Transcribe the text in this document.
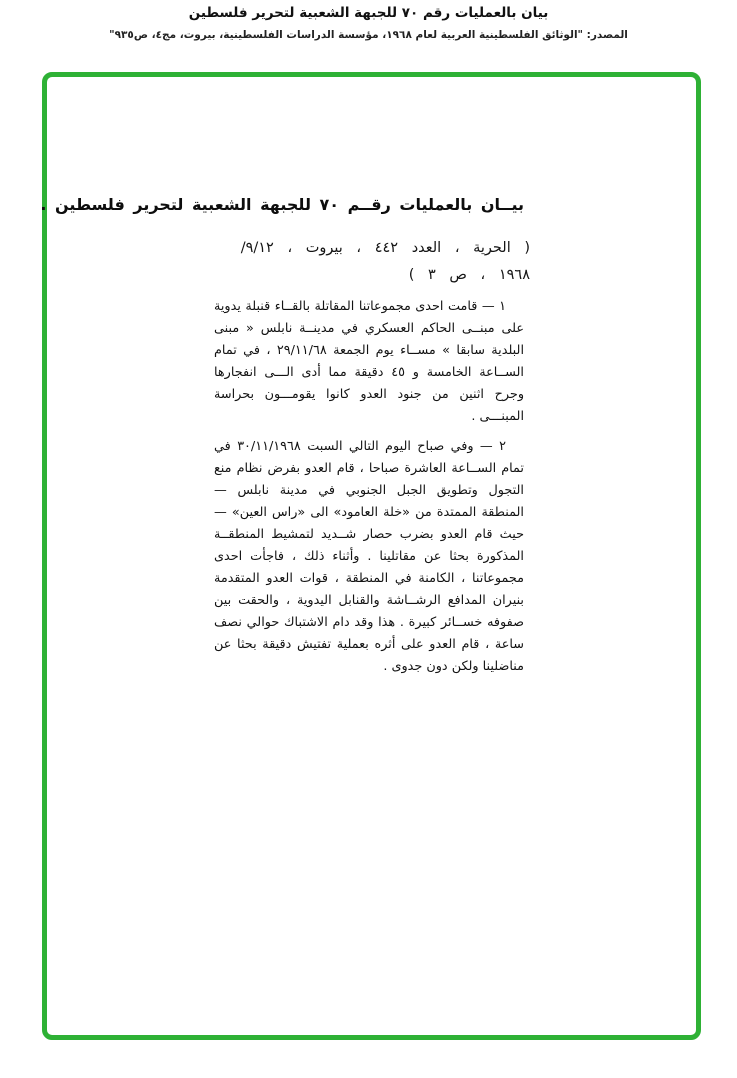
بيان بالعمليات رقم ٧٠ للجبهة الشعبية لتحرير فلسطين
المصدر: "الوثائق الفلسطينية العربية لعام ١٩٦٨، مؤسسة الدراسات الفلسطينية، بيروت، مج٤، ص٩٣٥"
بيــان بالعمليات رقــم ٧٠ للجبهة الشعبية لتحرير فلسطين .
( الحرية ، العدد ٤٤٢ ، بيروت ، ٩/١٢/
١٩٦٨ ، ص ٣ )

١ — قامت احدى مجموعاتنا المقاتلة بالقــاء قنبلة يدوية على مبنــى الحاكم العسكري في مدينــة نابلس « مبنى البلدية سابقا » مســاء يوم الجمعة ٢٩/١١/٦٨ ، في تمام الســاعة الخامسة و ٤٥ دقيقة مما أدى الـــى انفجارها وجرح اثنين من جنود العدو كانوا يقومـــون بحراسة المبنـــى .

٢ — وفي صباح اليوم التالي السبت ٣٠/١١/١٩٦٨ في تمام الســاعة العاشرة صباحا ، قام العدو بفرض نظام منع التجول وتطويق الجبل الجنوبي في مدينة نابلس — المنطقة الممتدة من «خلة العامود» الى «راس العين» — حيث قام العدو بضرب حصار شــديد لتمشيط المنطقــة المذكورة بحثا عن مقاتلينا . وأثناء ذلك ، فاجأت احدى مجموعاتنا ، الكامنة في المنطقة ، قوات العدو المتقدمة بنيران المدافع الرشــاشة والقنابل اليدوية ، والحقت بين صفوفه خســائر كبيرة . هذا وقد دام الاشتباك حوالي نصف ساعة ، قام العدو على أثره بعملية تفتيش دقيقة بحثا عن مناضلينا ولكن دون جدوى .
